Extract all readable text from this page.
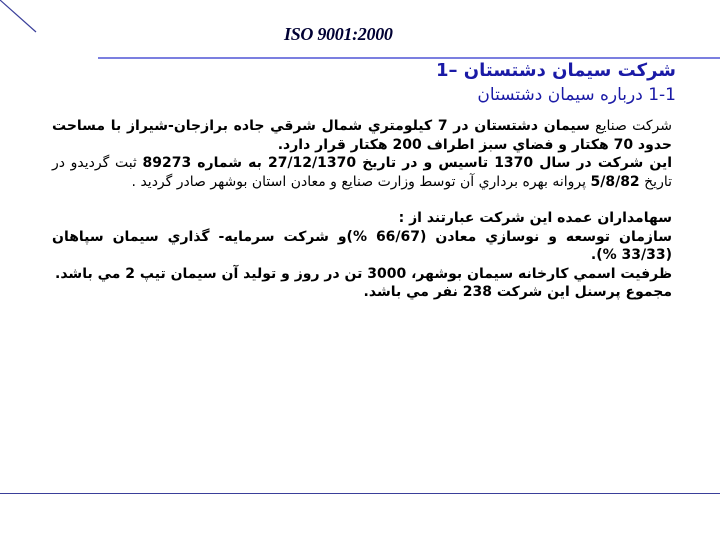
ISO 9001:2000
شركت سيمان دشتستان –1
1-1 درباره سيمان دشتستان

شركت صنايع سيمان دشتستان در 7 كيلومتري شمال شرقي جاده برازجان-شيراز با مساحت حدود 70 هكتار و فضاي سبز اطراف 200 هكتار قرار دارد.

اين شركت در سال 1370 تاسيس و در تاريخ 27/12/1370 به شماره 89273 ثبت گرديدو در تاريخ 5/8/82 پروانه بهره برداري آن توسط وزارت صنايع و معادن استان بوشهر صادر گرديد .

سهامداران عمده اين شركت عبارتند از :

سازمان توسعه و نوسازي معادن (66/67 %)و شركت سرمايه- گذاري سيمان سپاهان (33/33 %).

ظرفيت اسمي كارخانه سيمان بوشهر، 3000 تن در روز و توليد آن سيمان تيپ 2 مي باشد.

مجموع پرسنل اين شركت 238 نفر مي باشد.
